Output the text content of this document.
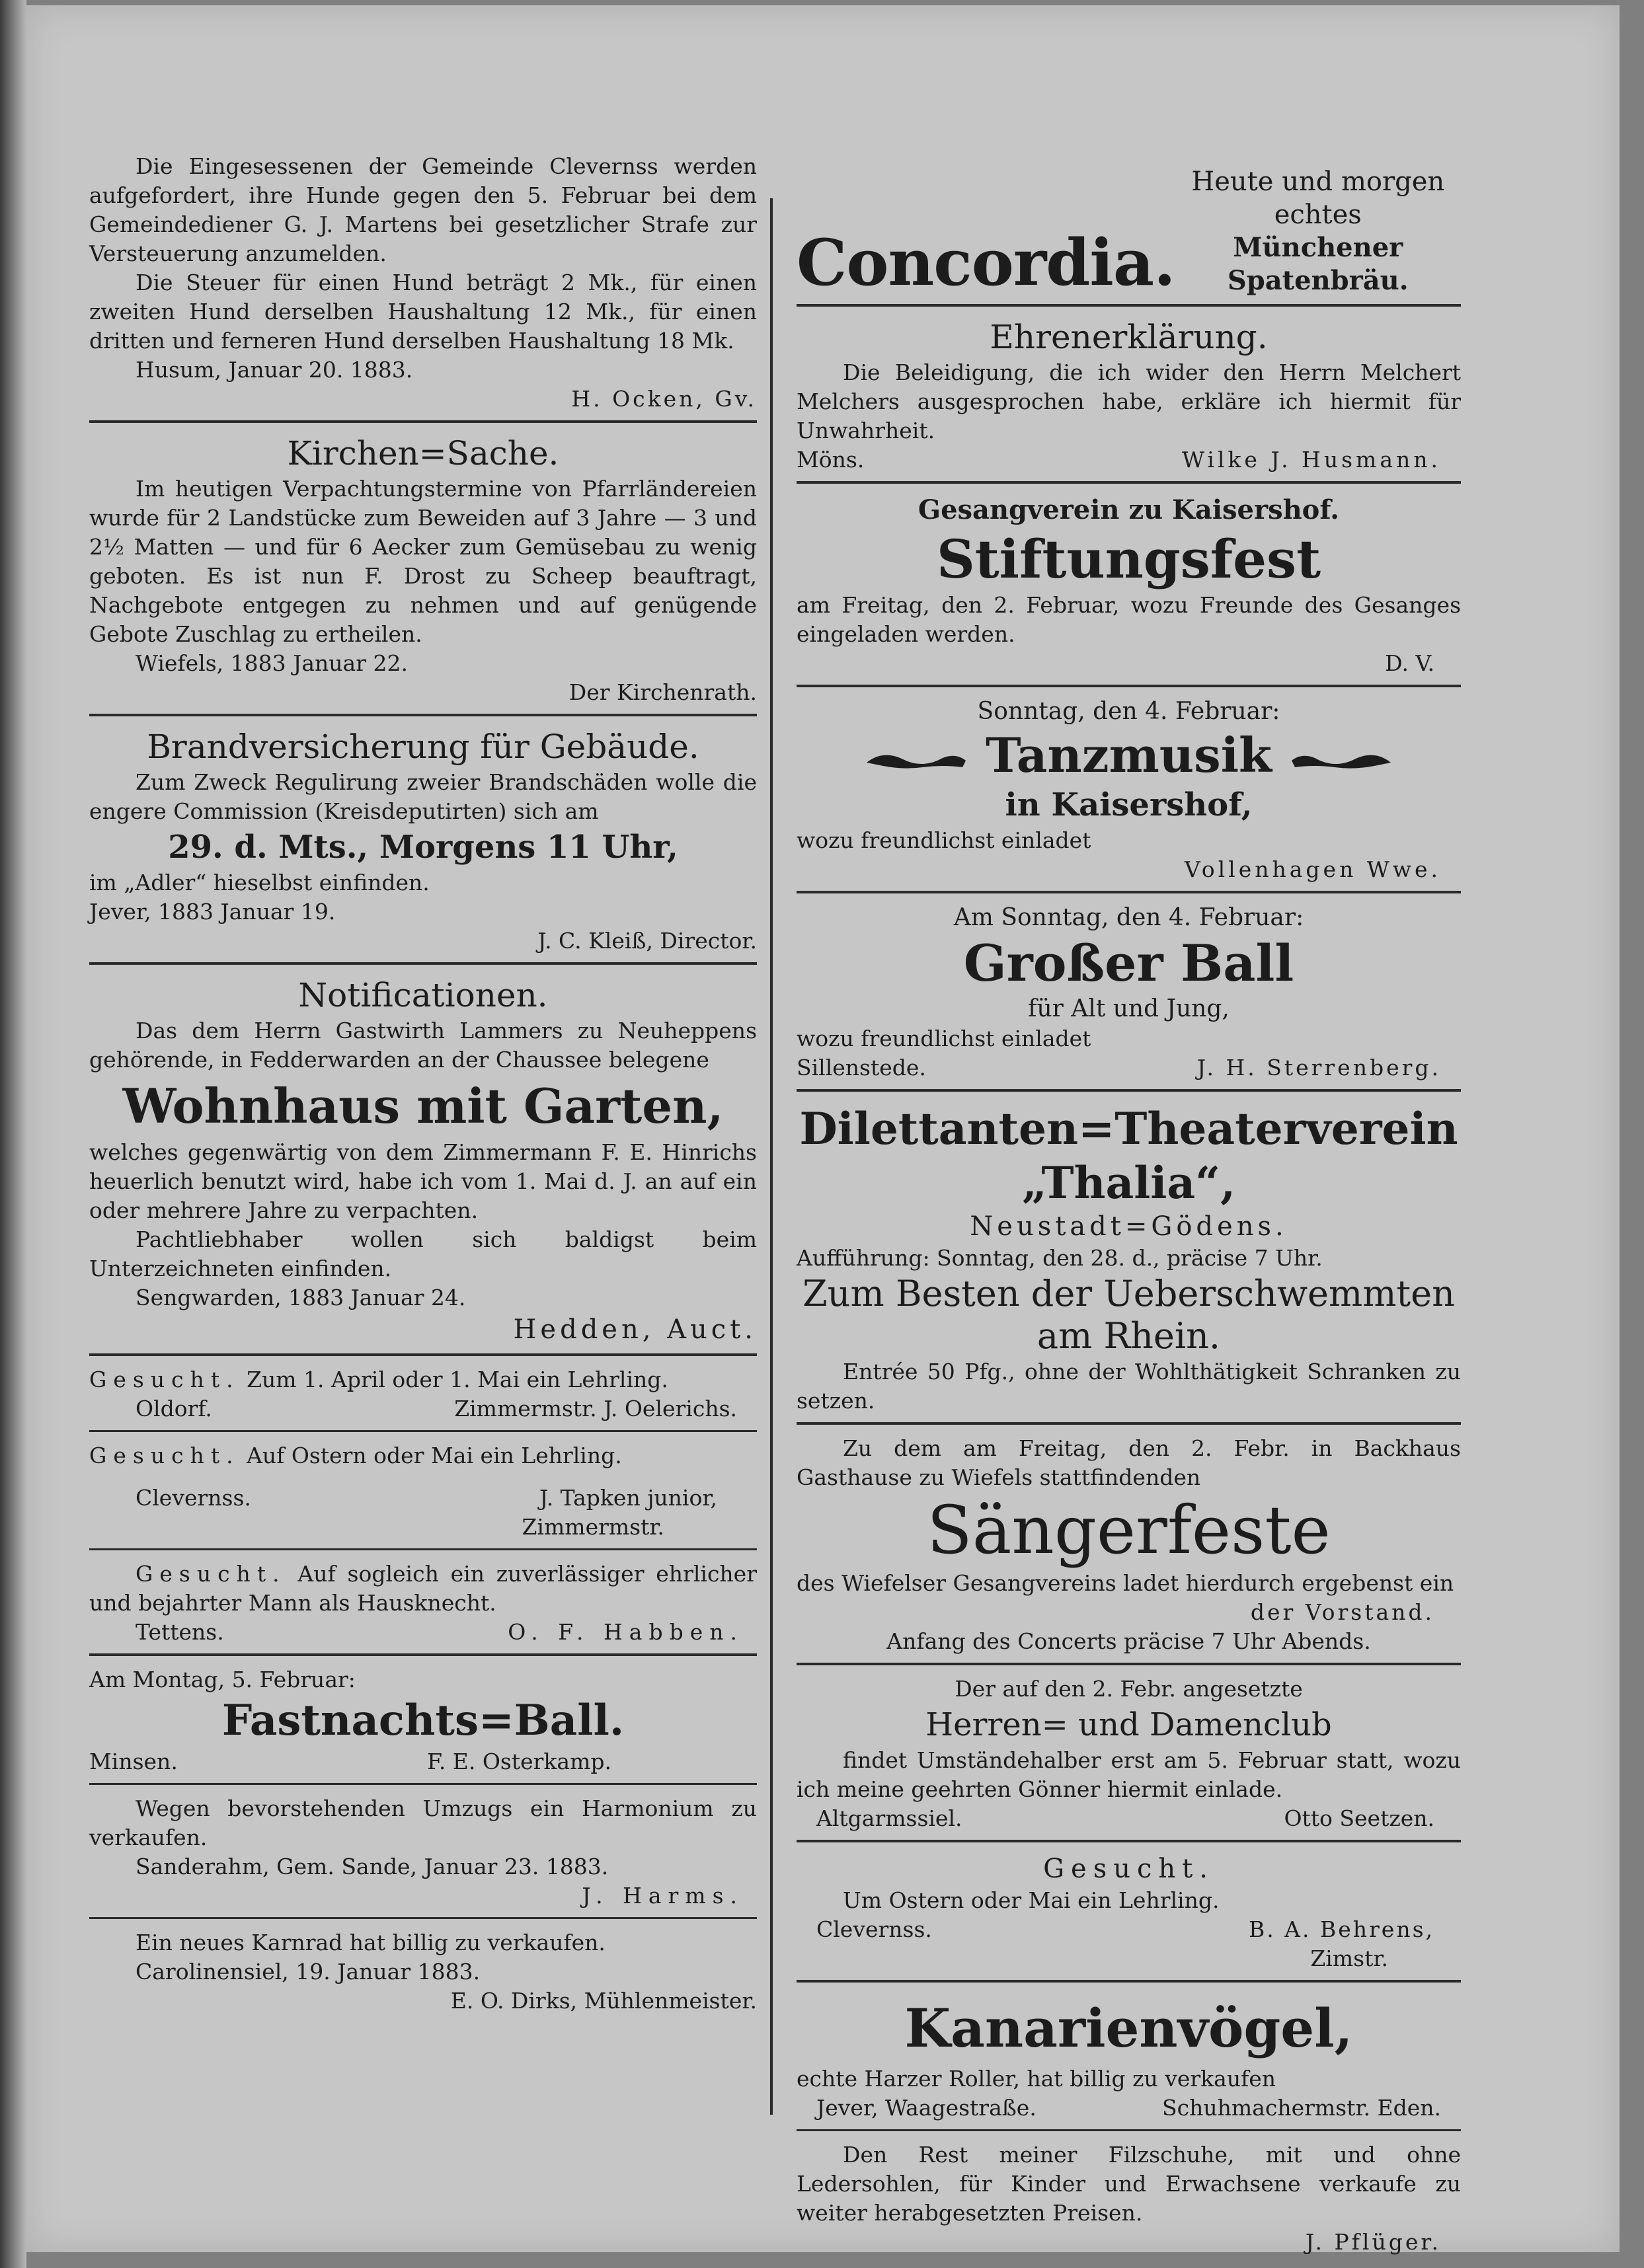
Die Eingesessenen der Gemeinde Clevernss werden aufgefordert, ihre Hunde gegen den 5. Februar bei dem Gemeindediener G. J. Martens bei gesetzlicher Strafe zur Versteuerung anzumelden.

Die Steuer für einen Hund beträgt 2 Mk., für einen zweiten Hund derselben Haushaltung 12 Mk., für einen dritten und ferneren Hund derselben Haushaltung 18 Mk.

Husum, Januar 20. 1883.

H. Ocken, Gv.

Kirchen=Sache.

Im heutigen Verpachtungstermine von Pfarrländereien wurde für 2 Landstücke zum Beweiden auf 3 Jahre — 3 und 2½ Matten — und für 6 Aecker zum Gemüsebau zu wenig geboten. Es ist nun F. Drost zu Scheep beauftragt, Nachgebote entgegen zu nehmen und auf genügende Gebote Zuschlag zu ertheilen.

Wiefels, 1883 Januar 22.

Der Kirchenrath.

Brandversicherung für Gebäude.

Zum Zweck Regulirung zweier Brandschäden wolle die engere Commission (Kreisdeputirten) sich am

29. d. Mts., Morgens 11 Uhr,

im „Adler“ hieselbst einfinden.

Jever, 1883 Januar 19.

J. C. Kleiß, Director.

Notificationen.

Das dem Herrn Gastwirth Lammers zu Neuheppens gehörende, in Fedderwarden an der Chaussee belegene

Wohnhaus mit Garten,

welches gegenwärtig von dem Zimmermann F. E. Hinrichs heuerlich benutzt wird, habe ich vom 1. Mai d. J. an auf ein oder mehrere Jahre zu verpachten.

Pachtliebhaber wollen sich baldigst beim Unterzeichneten einfinden.

Sengwarden, 1883 Januar 24.

Hedden, Auct.

Gesucht. Zum 1. April oder 1. Mai ein Lehrling.

Oldorf.	Zimmermstr. J. Oelerichs.

Gesucht. Auf Ostern oder Mai ein Lehrling.

Clevernss.	J. Tapken junior,

Zimmermstr.

Gesucht. Auf sogleich ein zuverlässiger ehrlicher und bejahrter Mann als Hausknecht.

Tettens.	O. F. Habben.

Am Montag, 5. Februar:

Fastnachts=Ball.

Minsen.	F. E. Osterkamp.

Wegen bevorstehenden Umzugs ein Harmonium zu verkaufen.

Sanderahm, Gem. Sande, Januar 23. 1883.

J. Harms.

Ein neues Karnrad hat billig zu verkaufen.

Carolinensiel, 19. Januar 1883.

E. O. Dirks, Mühlenmeister.

Concordia.
Heute und morgen echtes
Münchener Spatenbräu.

Ehrenerklärung.

Die Beleidigung, die ich wider den Herrn Melchert Melchers ausgesprochen habe, erkläre ich hiermit für Unwahrheit.

Möns.	Wilke J. Husmann.

Gesangverein zu Kaisershof.

Stiftungsfest

am Freitag, den 2. Februar, wozu Freunde des Gesanges eingeladen werden.

D. V.

Sonntag, den 4. Februar:

Tanzmusik

in Kaisershof,

wozu freundlichst einladet

Vollenhagen Wwe.

Am Sonntag, den 4. Februar:

Großer Ball

für Alt und Jung,

wozu freundlichst einladet

Sillenstede.	J. H. Sterrenberg.

Dilettanten=Theaterverein

„Thalia“,

Neustadt=Gödens.

Aufführung: Sonntag, den 28. d., präcise 7 Uhr.

Zum Besten der Ueberschwemmten

am Rhein.

Entrée 50 Pfg., ohne der Wohlthätigkeit Schranken zu setzen.

Zu dem am Freitag, den 2. Febr. in Backhaus Gasthause zu Wiefels stattfindenden

Sängerfeste

des Wiefelser Gesangvereins ladet hierdurch ergebenst ein

der Vorstand.

Anfang des Concerts präcise 7 Uhr Abends.

Der auf den 2. Febr. angesetzte

Herren= und Damenclub

findet Umständehalber erst am 5. Februar statt, wozu ich meine geehrten Gönner hiermit einlade.

Altgarmssiel.	Otto Seetzen.

Gesucht.

Um Ostern oder Mai ein Lehrling.

Clevernss.	B. A. Behrens,

Zimstr.

Kanarienvögel,

echte Harzer Roller, hat billig zu verkaufen

Jever, Waagestraße.	Schuhmachermstr. Eden.

Den Rest meiner Filzschuhe, mit und ohne Ledersohlen, für Kinder und Erwachsene verkaufe zu weiter herabgesetzten Preisen.

J. Pflüger.
